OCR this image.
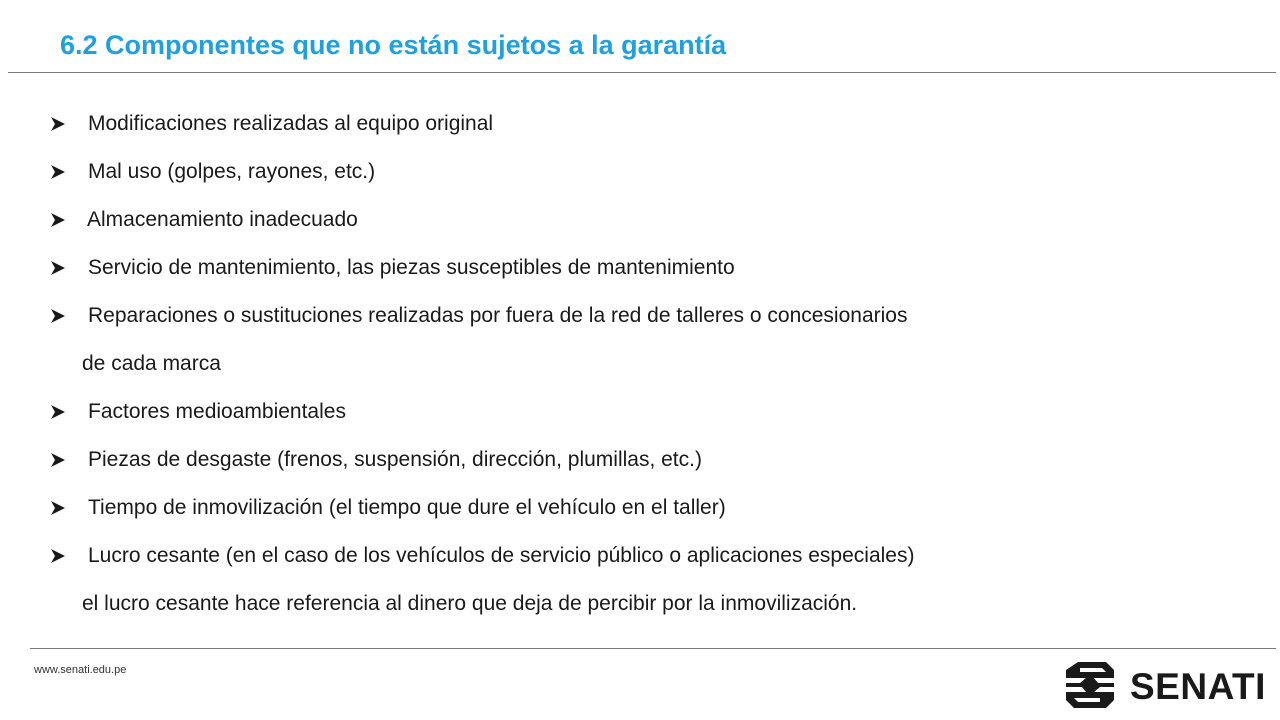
6.2 Componentes que no están sujetos a la garantía
Modificaciones realizadas al equipo original
Mal uso (golpes, rayones, etc.)
Almacenamiento inadecuado
Servicio de mantenimiento, las piezas susceptibles de mantenimiento
Reparaciones o sustituciones realizadas por fuera de la red de talleres o concesionarios
de cada marca
Factores medioambientales
Piezas de desgaste (frenos, suspensión, dirección, plumillas, etc.)
Tiempo de inmovilización (el tiempo que dure el vehículo en el taller)
Lucro cesante (en el caso de los vehículos de servicio público o aplicaciones especiales)
el lucro cesante hace referencia al dinero que deja de percibir por la inmovilización.
www.senati.edu.pe	SENATI
